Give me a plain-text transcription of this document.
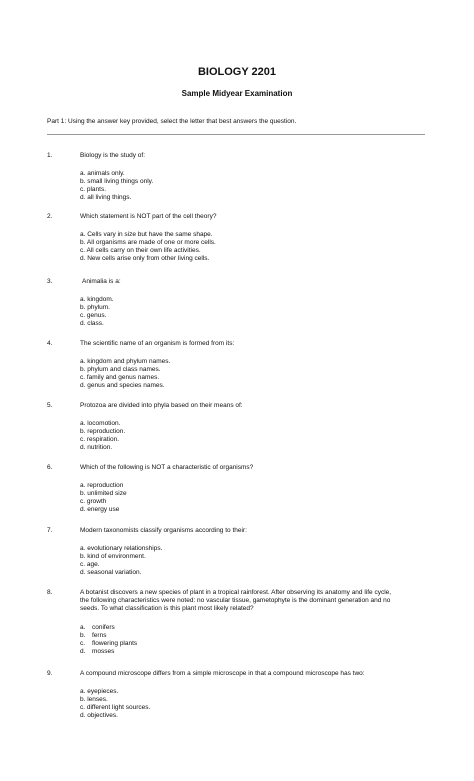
BIOLOGY 2201
Sample Midyear Examination

Part 1: Using the answer key provided, select the letter that best answers the question.

1.	Biology is the study of:
a. animals only.
b. small living things only.
c. plants.
d. all living things.
2.	Which statement is NOT part of the cell theory?
a. Cells vary in size but have the same shape.
b. All organisms are made of one or more cells.
c. All cells carry on their own life activities.
d. New cells arise only from other living cells.
3.	Animalia is a:
a. kingdom.
b. phylum.
c. genus.
d. class.
4.	The scientific name of an organism is formed from its:
a. kingdom and phylum names.
b. phylum and class names.
c. family and genus names.
d. genus and species names.
5.	Protozoa are divided into phyla based on their means of:
a. locomotion.
b. reproduction.
c. respiration.
d. nutrition.
6.	Which of the following is NOT a characteristic of organisms?
a. reproduction
b. unlimited size
c. growth
d. energy use
7.	Modern taxonomists classify organisms according to their:
a. evolutionary relationships.
b. kind of environment.
c. age.
d. seasonal variation.
8.	A botanist discovers a new species of plant in a tropical rainforest. After observing its anatomy and life cycle, the following characteristics were noted: no vascular tissue, gametophyte is the dominant generation and no seeds. To what classification is this plant most likely related?
a. conifers
b. ferns
c. flowering plants
d. mosses
9.	A compound microscope differs from a simple microscope in that a compound microscope has two:
a. eyepieces.
b. lenses.
c. different light sources.
d. objectives.
